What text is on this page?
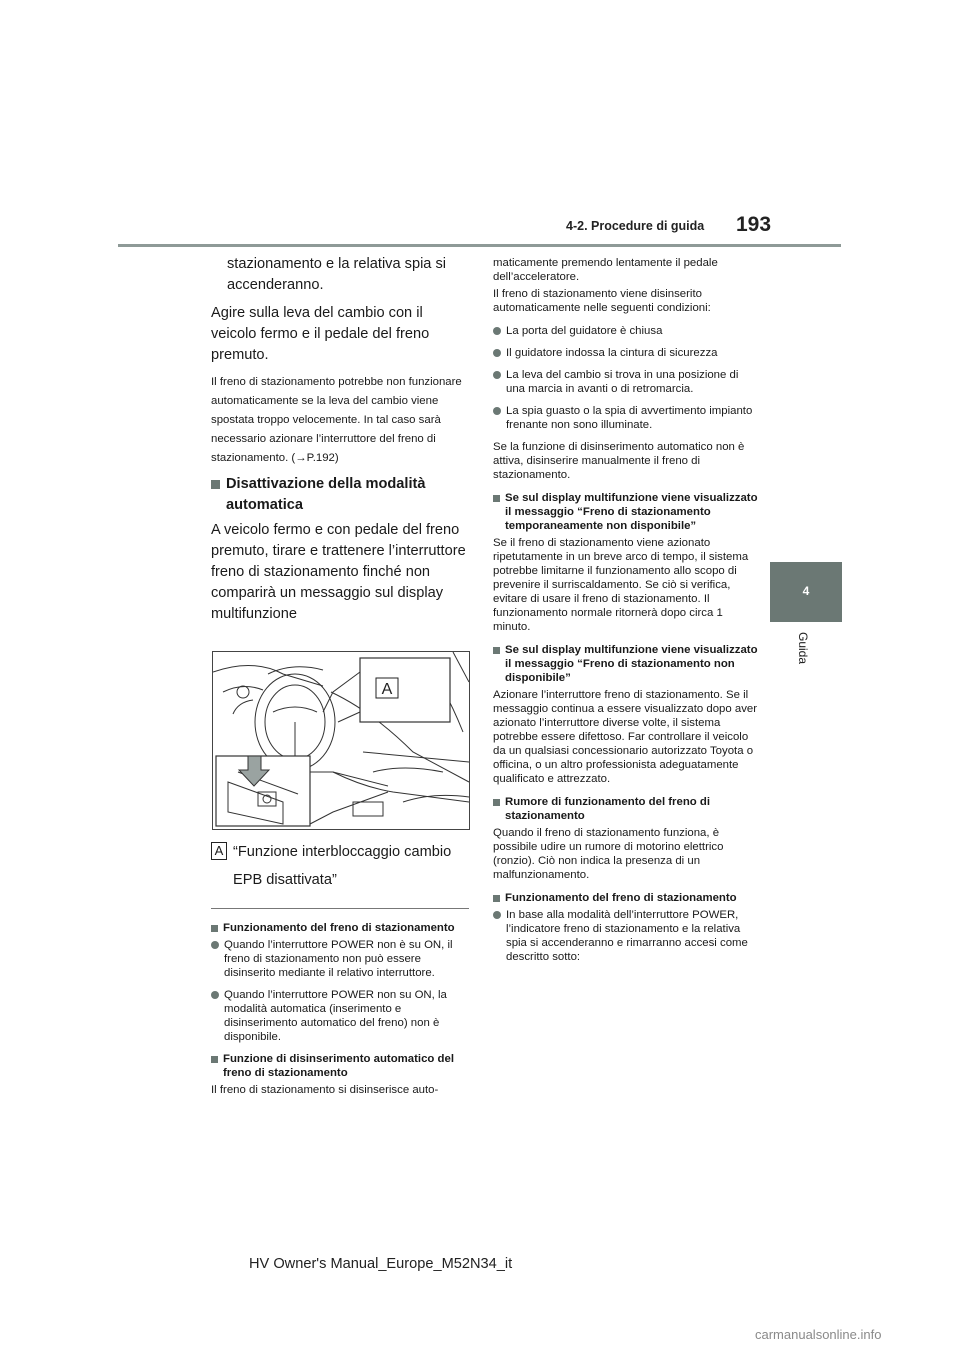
4-2. Procedure di guida 193
4
Guida

stazionamento e la relativa spia si accenderanno.

Agire sulla leva del cambio con il veicolo fermo e il pedale del freno premuto.

Il freno di stazionamento potrebbe non funzionare automaticamente se la leva del cambio viene spostata troppo velocemente. In tal caso sarà necessario azionare l’interruttore del freno di stazionamento. (→P.192)

Disattivazione della modalità automatica

A veicolo fermo e con pedale del freno premuto, tirare e trattenere l’interruttore freno di stazionamento finché non comparirà un messaggio sul display multifunzione

A
A “Funzione interbloccaggio cambio EPB disattivata”
Funzionamento del freno di stazionamento
Quando l’interruttore POWER non è su ON, il freno di stazionamento non può essere disinserito mediante il relativo interruttore.
Quando l’interruttore POWER non su ON, la modalità automatica (inserimento e disinserimento automatico del freno) non è disponibile.
Funzione di disinserimento automatico del freno di stazionamento

Il freno di stazionamento si disinserisce auto-

maticamente premendo lentamente il pedale dell’acceleratore.

Il freno di stazionamento viene disinserito automaticamente nelle seguenti condizioni:

La porta del guidatore è chiusa
Il guidatore indossa la cintura di sicurezza
La leva del cambio si trova in una posizione di una marcia in avanti o di retromarcia.
La spia guasto o la spia di avvertimento impianto frenante non sono illuminate.

Se la funzione di disinserimento automatico non è attiva, disinserire manualmente il freno di stazionamento.

Se sul display multifunzione viene visualizzato il messaggio “Freno di stazionamento temporaneamente non disponibile”

Se il freno di stazionamento viene azionato ripetutamente in un breve arco di tempo, il sistema potrebbe limitarne il funzionamento allo scopo di prevenire il surriscaldamento. Se ciò si verifica, evitare di usare il freno di stazionamento. Il funzionamento normale ritornerà dopo circa 1 minuto.

Se sul display multifunzione viene visualizzato il messaggio “Freno di stazionamento non disponibile”

Azionare l’interruttore freno di stazionamento. Se il messaggio continua a essere visualizzato dopo aver azionato l’interruttore diverse volte, il sistema potrebbe essere difettoso. Far controllare il veicolo da un qualsiasi concessionario autorizzato Toyota o officina, o un altro professionista adeguatamente qualificato e attrezzato.

Rumore di funzionamento del freno di stazionamento

Quando il freno di stazionamento funziona, è possibile udire un rumore di motorino elettrico (ronzio). Ciò non indica la presenza di un malfunzionamento.

Funzionamento del freno di stazionamento
In base alla modalità dell’interruttore POWER, l’indicatore freno di stazionamento e la relativa spia si accenderanno e rimarranno accesi come descritto sotto:
HV Owner's Manual_Europe_M52N34_it
carmanualsonline.info
